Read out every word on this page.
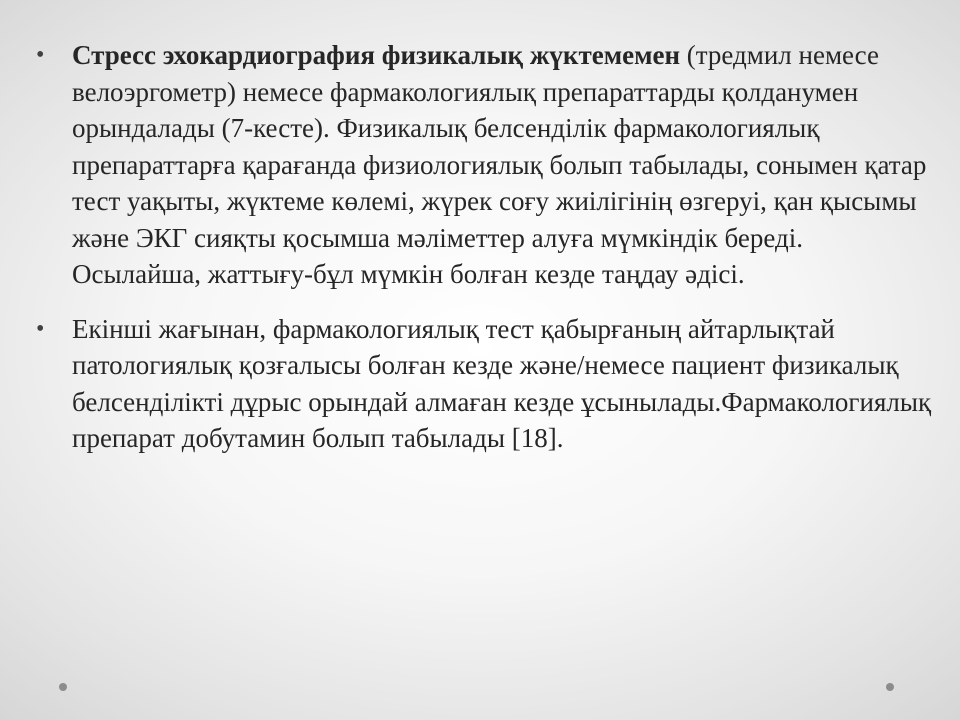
• Стресс эхокардиография физикалық жүктемемен (тредмил немесе велоэргометр) немесе фармакологиялық препараттарды қолданумен орындалады (7-кесте). Физикалық белсенділік фармакологиялық препараттарға қарағанда физиологиялық болып табылады, сонымен қатар тест уақыты, жүктеме көлемі, жүрек соғу жиілігінің өзгеруі, қан қысымы және ЭКГ сияқты қосымша мәліметтер алуға мүмкіндік береді. Осылайша, жаттығу-бұл мүмкін болған кезде таңдау әдісі.
• Екінші жағынан, фармакологиялық тест қабырғаның айтарлықтай патологиялық қозғалысы болған кезде және/немесе пациент физикалық белсенділікті дұрыс орындай алмаған кезде ұсынылады.Фармакологиялық препарат добутамин болып табылады [18].
